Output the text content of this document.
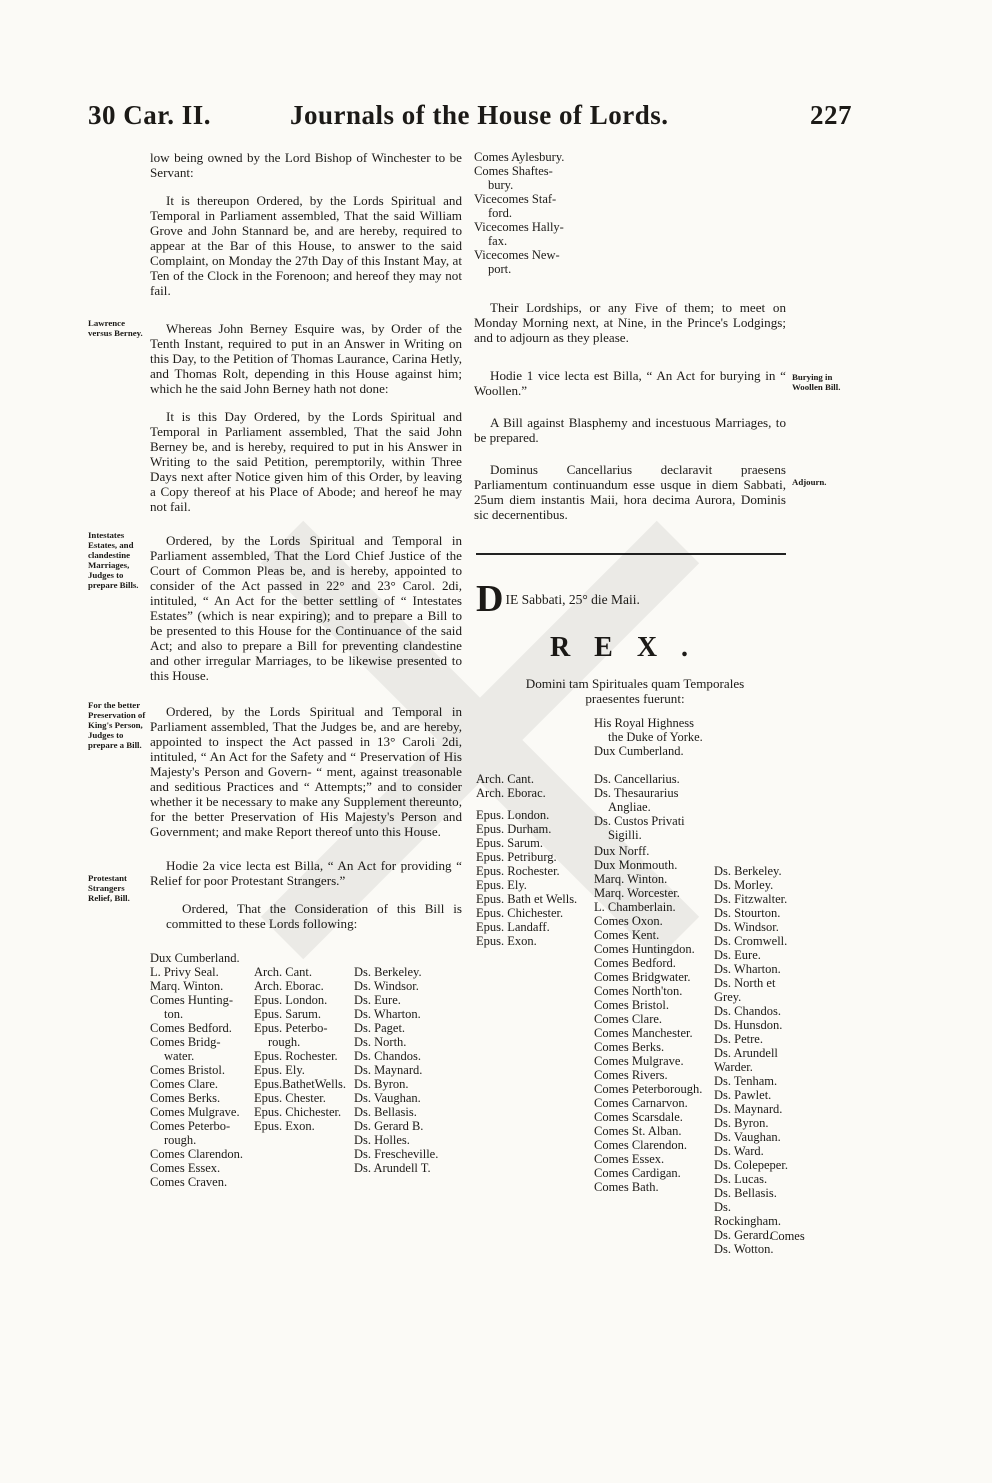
30 Car. II.	Journals of the House of Lords.	227
Lawrence versus Berney.
Intestates Estates, and clandestine Marriages, Judges to prepare Bills.
For the better Preservation of King's Person, Judges to prepare a Bill.
Protestant Strangers Relief, Bill.
Burying in Woollen Bill.
Adjourn.

low being owned by the Lord Bishop of Winchester to be Servant:

It is thereupon Ordered, by the Lords Spiritual and Temporal in Parliament assembled, That the said William Grove and John Stannard be, and are hereby, required to appear at the Bar of this House, to answer to the said Complaint, on Monday the 27th Day of this Instant May, at Ten of the Clock in the Forenoon; and hereof they may not fail.

Whereas John Berney Esquire was, by Order of the Tenth Instant, required to put in an Answer in Writing on this Day, to the Petition of Thomas Laurance, Carina Hetly, and Thomas Rolt, depending in this House against him; which he the said John Berney hath not done:

It is this Day Ordered, by the Lords Spiritual and Temporal in Parliament assembled, That the said John Berney be, and is hereby, required to put in his Answer in Writing to the said Petition, peremptorily, within Three Days next after Notice given him of this Order, by leaving a Copy thereof at his Place of Abode; and hereof he may not fail.

Ordered, by the Lords Spiritual and Temporal in Parliament assembled, That the Lord Chief Justice of the Court of Common Pleas be, and is hereby, appointed to consider of the Act passed in 22° and 23° Carol. 2di, intituled, “ An Act for the better settling of “ Intestates Estates” (which is near expiring); and to prepare a Bill to be presented to this House for the Continuance of the said Act; and also to prepare a Bill for preventing clandestine and other irregular Marriages, to be likewise presented to this House.

Ordered, by the Lords Spiritual and Temporal in Parliament assembled, That the Judges be, and are hereby, appointed to inspect the Act passed in 13° Caroli 2di, intituled, “ An Act for the Safety and “ Preservation of His Majesty's Person and Govern- “ ment, against treasonable and seditious Practices and “ Attempts;” and to consider whether it be necessary to make any Supplement thereunto, for the better Preservation of His Majesty's Person and Government; and make Report thereof unto this House.

Hodie 2a vice lecta est Billa, “ An Act for providing “ Relief for poor Protestant Strangers.”

Ordered, That the Consideration of this Bill is committed to these Lords following:

Dux Cumberland.
L. Privy Seal.
Marq. Winton.
Comes Hunting-
ton.
Comes Bedford.
Comes Bridg-
water.
Comes Bristol.
Comes Clare.
Comes Berks.
Comes Mulgrave.
Comes Peterbo-
rough.
Comes Clarendon.
Comes Essex.
Comes Craven.
Arch. Cant.
Arch. Eborac.
Epus. London.
Epus. Sarum.
Epus. Peterbo-
rough.
Epus. Rochester.
Epus. Ely.
Epus.BathetWells.
Epus. Chester.
Epus. Chichester.
Epus. Exon.
Ds. Berkeley.
Ds. Windsor.
Ds. Eure.
Ds. Wharton.
Ds. Paget.
Ds. North.
Ds. Chandos.
Ds. Maynard.
Ds. Byron.
Ds. Vaughan.
Ds. Bellasis.
Ds. Gerard B.
Ds. Holles.
Ds. Frescheville.
Ds. Arundell T.
Comes Aylesbury.
Comes Shaftes-
bury.
Vicecomes Staf-
ford.
Vicecomes Hally-
fax.
Vicecomes New-
port.

Their Lordships, or any Five of them; to meet on Monday Morning next, at Nine, in the Prince's Lodgings; and to adjourn as they please.

Hodie 1 vice lecta est Billa, “ An Act for burying in “ Woollen.”

A Bill against Blasphemy and incestuous Marriages, to be prepared.

Dominus Cancellarius declaravit praesens Parliamentum continuandum esse usque in diem Sabbati, 25um diem instantis Maii, hora decima Aurora, Dominis sic decernentibus.

D IE Sabbati, 25° die Maii.
REX.

Domini tam Spirituales quam Temporales praesentes fuerunt:

His Royal Highness
the Duke of Yorke.
Dux Cumberland.
Arch. Cant.
Arch. Eborac.
Ds. Cancellarius.
Ds. Thesaurarius
Angliae.
Ds. Custos Privati
Sigilli.
Epus. London.
Epus. Durham.
Epus. Sarum.
Epus. Petriburg.
Epus. Rochester.
Epus. Ely.
Epus. Bath et Wells.
Epus. Chichester.
Epus. Landaff.
Epus. Exon.
Dux Norff.
Dux Monmouth.
Marq. Winton.
Marq. Worcester.
L. Chamberlain.
Comes Oxon.
Comes Kent.
Comes Huntingdon.
Comes Bedford.
Comes Bridgwater.
Comes North'ton.
Comes Bristol.
Comes Clare.
Comes Manchester.
Comes Berks.
Comes Mulgrave.
Comes Rivers.
Comes Peterborough.
Comes Carnarvon.
Comes Scarsdale.
Comes St. Alban.
Comes Clarendon.
Comes Essex.
Comes Cardigan.
Comes Bath.
Ds. Berkeley.
Ds. Morley.
Ds. Fitzwalter.
Ds. Stourton.
Ds. Windsor.
Ds. Cromwell.
Ds. Eure.
Ds. Wharton.
Ds. North et Grey.
Ds. Chandos.
Ds. Hunsdon.
Ds. Petre.
Ds. Arundell Warder.
Ds. Tenham.
Ds. Pawlet.
Ds. Maynard.
Ds. Byron.
Ds. Vaughan.
Ds. Ward.
Ds. Colepeper.
Ds. Lucas.
Ds. Bellasis.
Ds. Rockingham.
Ds. Gerard.
Ds. Wotton.
Comes
